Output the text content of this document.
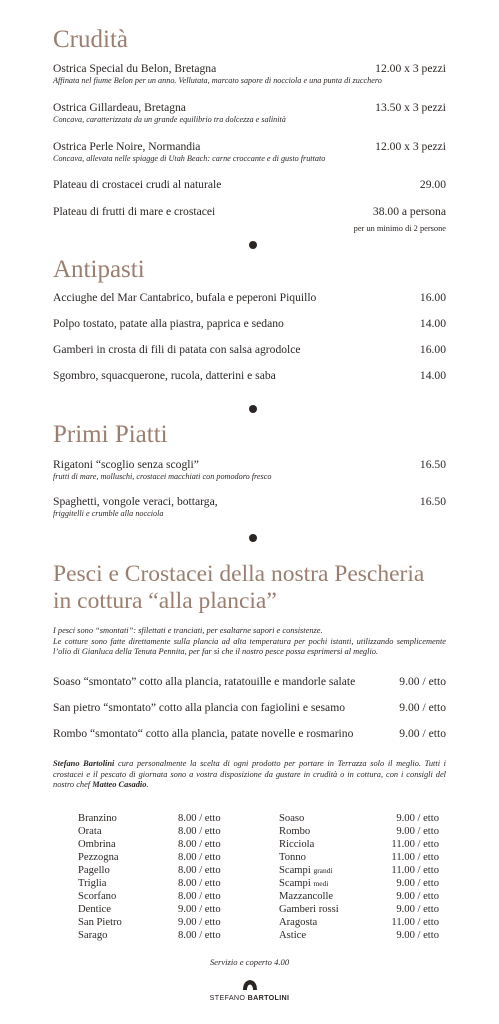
Crudità
Ostrica Special du Belon, Bretagna	12.00 x 3 pezzi
Affinata nel fiume Belon per un anno. Vellutata, marcato sapore di nocciola e una punta di zucchero
Ostrica Gillardeau, Bretagna	13.50 x 3 pezzi
Concava, caratterizzata da un grande equilibrio tra dolcezza e salinità
Ostrica Perle Noire, Normandia	12.00 x 3 pezzi
Concava, allevata nelle spiagge di Utah Beach: carne croccante e di gusto fruttato
Plateau di crostacei crudi al naturale	29.00
Plateau di frutti di mare e crostacei	38.00 a persona
per un minimo di 2 persone
Antipasti
Acciughe del Mar Cantabrico, bufala e peperoni Piquillo	16.00
Polpo tostato, patate alla piastra, paprica e sedano	14.00
Gamberi in crosta di fili di patata con salsa agrodolce	16.00
Sgombro, squacquerone, rucola, datterini e saba	14.00
Primi Piatti
Rigatoni “scoglio senza scogli”	16.50
frutti di mare, molluschi, crostacei macchiati con pomodoro fresco
Spaghetti, vongole veraci, bottarga,	16.50
friggitelli e crumble alla nocciola
Pesci e Crostacei della nostra Pescheria
in cottura “alla plancia”

I pesci sono “smontati”: sfilettati e tranciati, per esaltarne sapori e consistenze.

Le cotture sono fatte direttamente sulla plancia ad alta temperatura per pochi istanti, utilizzando semplicemente l’olio di Gianluca della Tenuta Pennita, per far sì che il nostro pesce possa esprimersi al meglio.

Soaso “smontato” cotto alla plancia, ratatouille e mandorle salate	9.00 / etto
San pietro “smontato” cotto alla plancia con fagiolini e sesamo	9.00 / etto
Rombo “smontato“ cotto alla plancia, patate novelle e rosmarino	9.00 / etto
Stefano Bartolini cura personalmente la scelta di ogni prodotto per portare in Terrazza solo il meglio. Tutti i crostacei e il pescato di giornata sono a vostra disposizione da gustare in crudità o in cottura, con i consigli del nostro chef Matteo Casadio.
Branzino	8.00 / etto
Orata	8.00 / etto
Ombrina	8.00 / etto
Pezzogna	8.00 / etto
Pagello	8.00 / etto
Triglia	8.00 / etto
Scorfano	8.00 / etto
Dentice	9.00 / etto
San Pietro	9.00 / etto
Sarago	8.00 / etto
Soaso	9.00 / etto
Rombo	9.00 / etto
Ricciola	11.00 / etto
Tonno	11.00 / etto
Scampi grandi	11.00 / etto
Scampi medi	9.00 / etto
Mazzancolle	9.00 / etto
Gamberi rossi	9.00 / etto
Aragosta	11.00 / etto
Astice	9.00 / etto
Servizio e coperto 4.00
STEFANO BARTOLINI
